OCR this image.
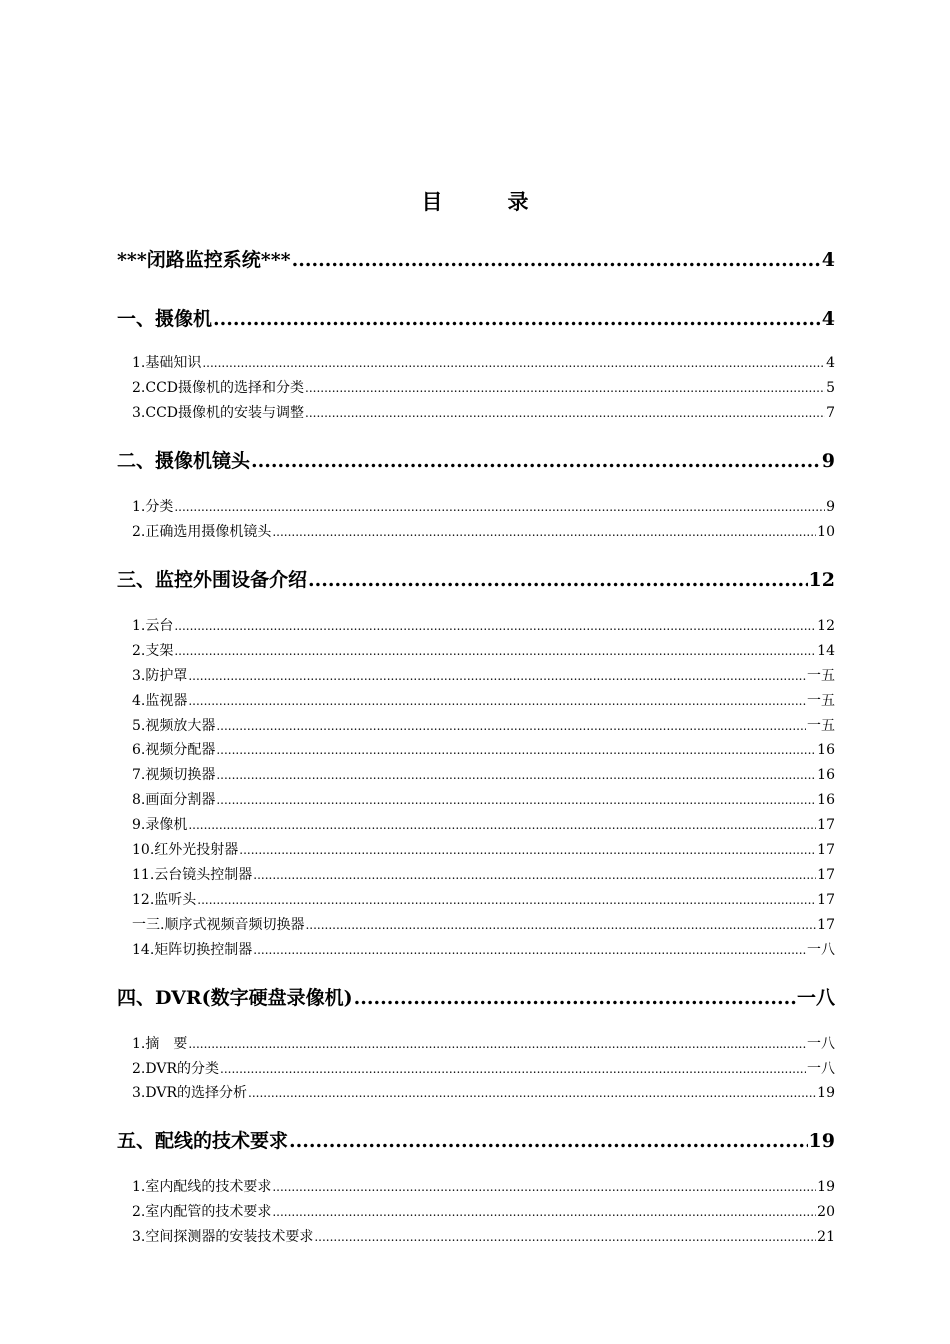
目　录
***闭路监控系统*** .....	4
一、摄像机 .....	4
1.基础知识 .....	4
2.CCD摄像机的选择和分类 .....	5
3.CCD摄像机的安装与调整 .....	7
二、摄像机镜头 .....	9
1.分类 .....	9
2.正确选用摄像机镜头 .....	10
三、监控外围设备介绍 .....	12
1.云台 .....	12
2.支架 .....	14
3.防护罩 .....	一五
4.监视器 .....	一五
5.视频放大器 .....	一五
6.视频分配器 .....	16
7.视频切换器 .....	16
8.画面分割器 .....	16
9.录像机 .....	17
10.红外光投射器 .....	17
11.云台镜头控制器 .....	17
12.监听头 .....	17
一三.顺序式视频音频切换器 .....	17
14.矩阵切换控制器 .....	一八
四、DVR(数字硬盘录像机) .....	一八
1.摘　要 .....	一八
2.DVR的分类 .....	一八
3.DVR的选择分析 .....	19
五、配线的技术要求 .....	19
1.室内配线的技术要求 .....	19
2.室内配管的技术要求 .....	20
3.空间探测器的安装技术要求 .....	21
